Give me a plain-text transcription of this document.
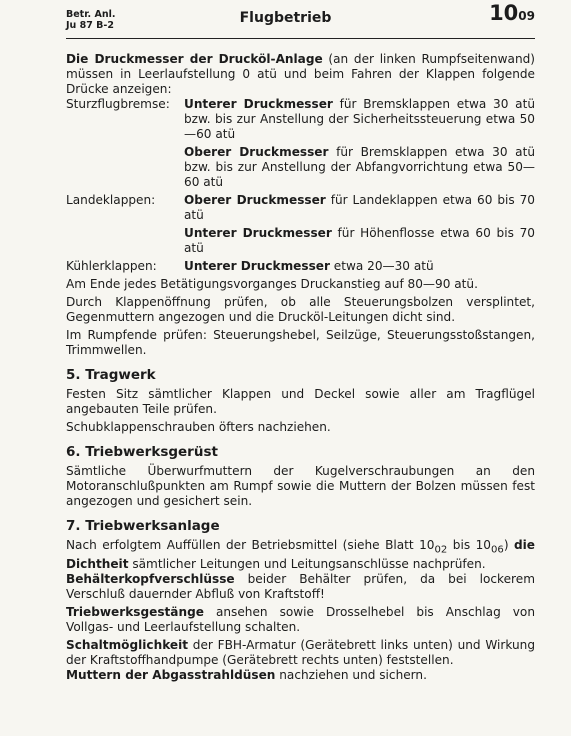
Betr. Anl.
Ju 87 B-2	Flugbetrieb	1009

Die Druckmesser der Drucköl-Anlage (an der linken Rumpfseitenwand) müssen in Leerlaufstellung 0 atü und beim Fahren der Klappen folgende Drücke anzeigen:

Sturzflugbremse:	Unterer Druckmesser für Bremsklappen etwa 30 atü bzw. bis zur Anstellung der Sicherheitssteuerung etwa 50—60 atü
Oberer Druckmesser für Bremsklappen etwa 30 atü bzw. bis zur Anstellung der Abfangvorrichtung etwa 50—60 atü
Landeklappen:	Oberer Druckmesser für Landeklappen etwa 60 bis 70 atü
Unterer Druckmesser für Höhenflosse etwa 60 bis 70 atü
Kühlerklappen:	Unterer Druckmesser etwa 20—30 atü

Am Ende jedes Betätigungsvorganges Druckanstieg auf 80—90 atü.

Durch Klappenöffnung prüfen, ob alle Steuerungsbolzen versplintet, Gegenmuttern angezogen und die Drucköl-Leitungen dicht sind.

Im Rumpfende prüfen: Steuerungshebel, Seilzüge, Steuerungsstoßstangen, Trimmwellen.

5. Tragwerk

Festen Sitz sämtlicher Klappen und Deckel sowie aller am Tragflügel angebauten Teile prüfen.

Schubklappenschrauben öfters nachziehen.

6. Triebwerksgerüst

Sämtliche Überwurfmuttern der Kugelverschraubungen an den Motoranschlußpunkten am Rumpf sowie die Muttern der Bolzen müssen fest angezogen und gesichert sein.

7. Triebwerksanlage

Nach erfolgtem Auffüllen der Betriebsmittel (siehe Blatt $10_{02}$ bis $10_{06}$) die Dichtheit sämtlicher Leitungen und Leitungsanschlüsse nachprüfen.

Behälterkopfverschlüsse beider Behälter prüfen, da bei lockerem Verschluß dauernder Abfluß von Kraftstoff!

Triebwerksgestänge ansehen sowie Drosselhebel bis Anschlag von Vollgas- und Leerlaufstellung schalten.

Schaltmöglichkeit der FBH-Armatur (Gerätebrett links unten) und Wirkung der Kraftstoffhandpumpe (Gerätebrett rechts unten) feststellen.

Muttern der Abgasstrahldüsen nachziehen und sichern.
